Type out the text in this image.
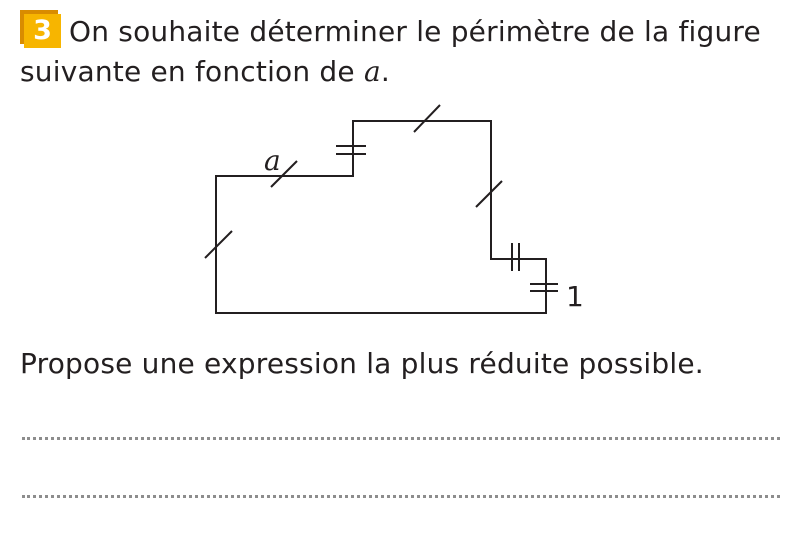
3 On souhaite déterminer le périmètre de la figure suivante en fonction de a.
a
1
Propose une expression la plus réduite possible.
